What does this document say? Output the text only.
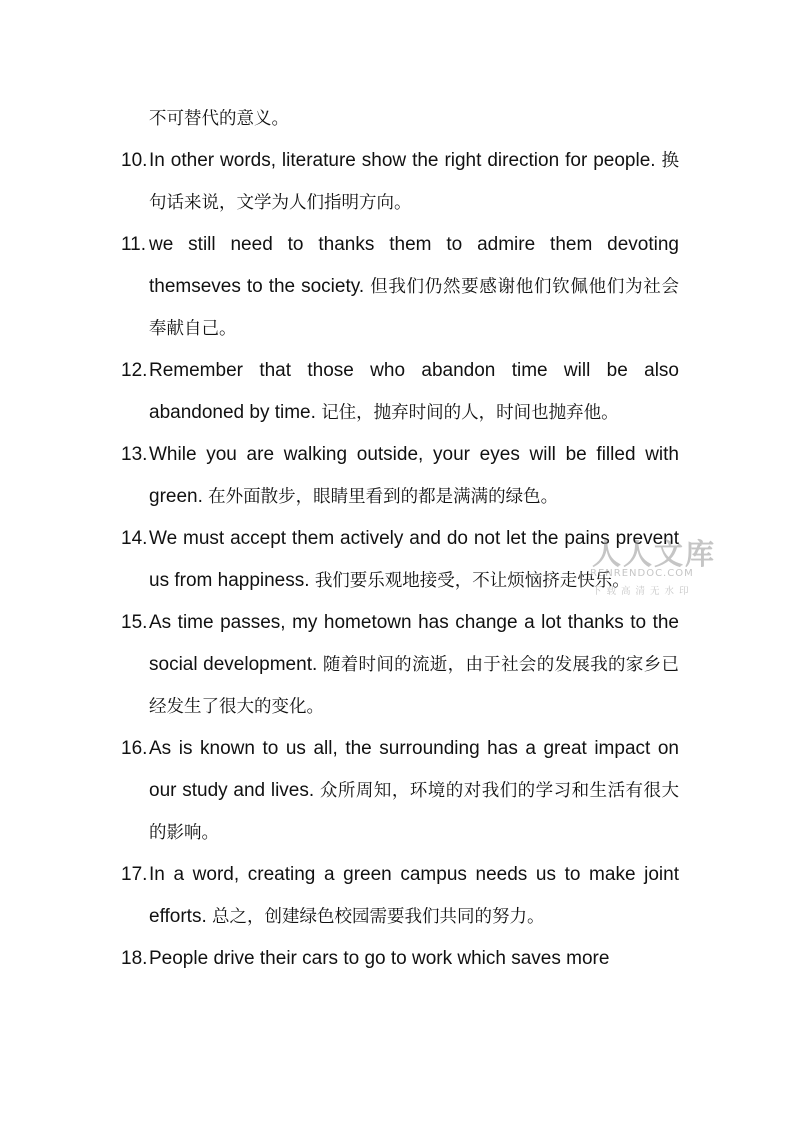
不可替代的意义。
10. In other words, literature show the right direction for people. 换句话来说，文学为人们指明方向。
11. we still need to thanks them to admire them devoting themseves to the society. 但我们仍然要感谢他们钦佩他们为社会奉献自己。
12. Remember that those who abandon time will be also abandoned by time. 记住，抛弃时间的人，时间也抛弃他。
13. While you are walking outside, your eyes will be filled with green. 在外面散步，眼睛里看到的都是满满的绿色。
14. We must accept them actively and do not let the pains prevent us from happiness. 我们要乐观地接受，不让烦恼挤走快乐。
15. As time passes, my hometown has change a lot thanks to the social development. 随着时间的流逝，由于社会的发展我的家乡已经发生了很大的变化。
16. As is known to us all, the surrounding has a great impact on our study and lives. 众所周知，环境的对我们的学习和生活有很大的影响。
17. In a word, creating a green campus needs us to make joint efforts. 总之，创建绿色校园需要我们共同的努力。
18. People drive their cars to go to work which saves more
人人文库
RENRENDOC.COM
下载高清无水印
